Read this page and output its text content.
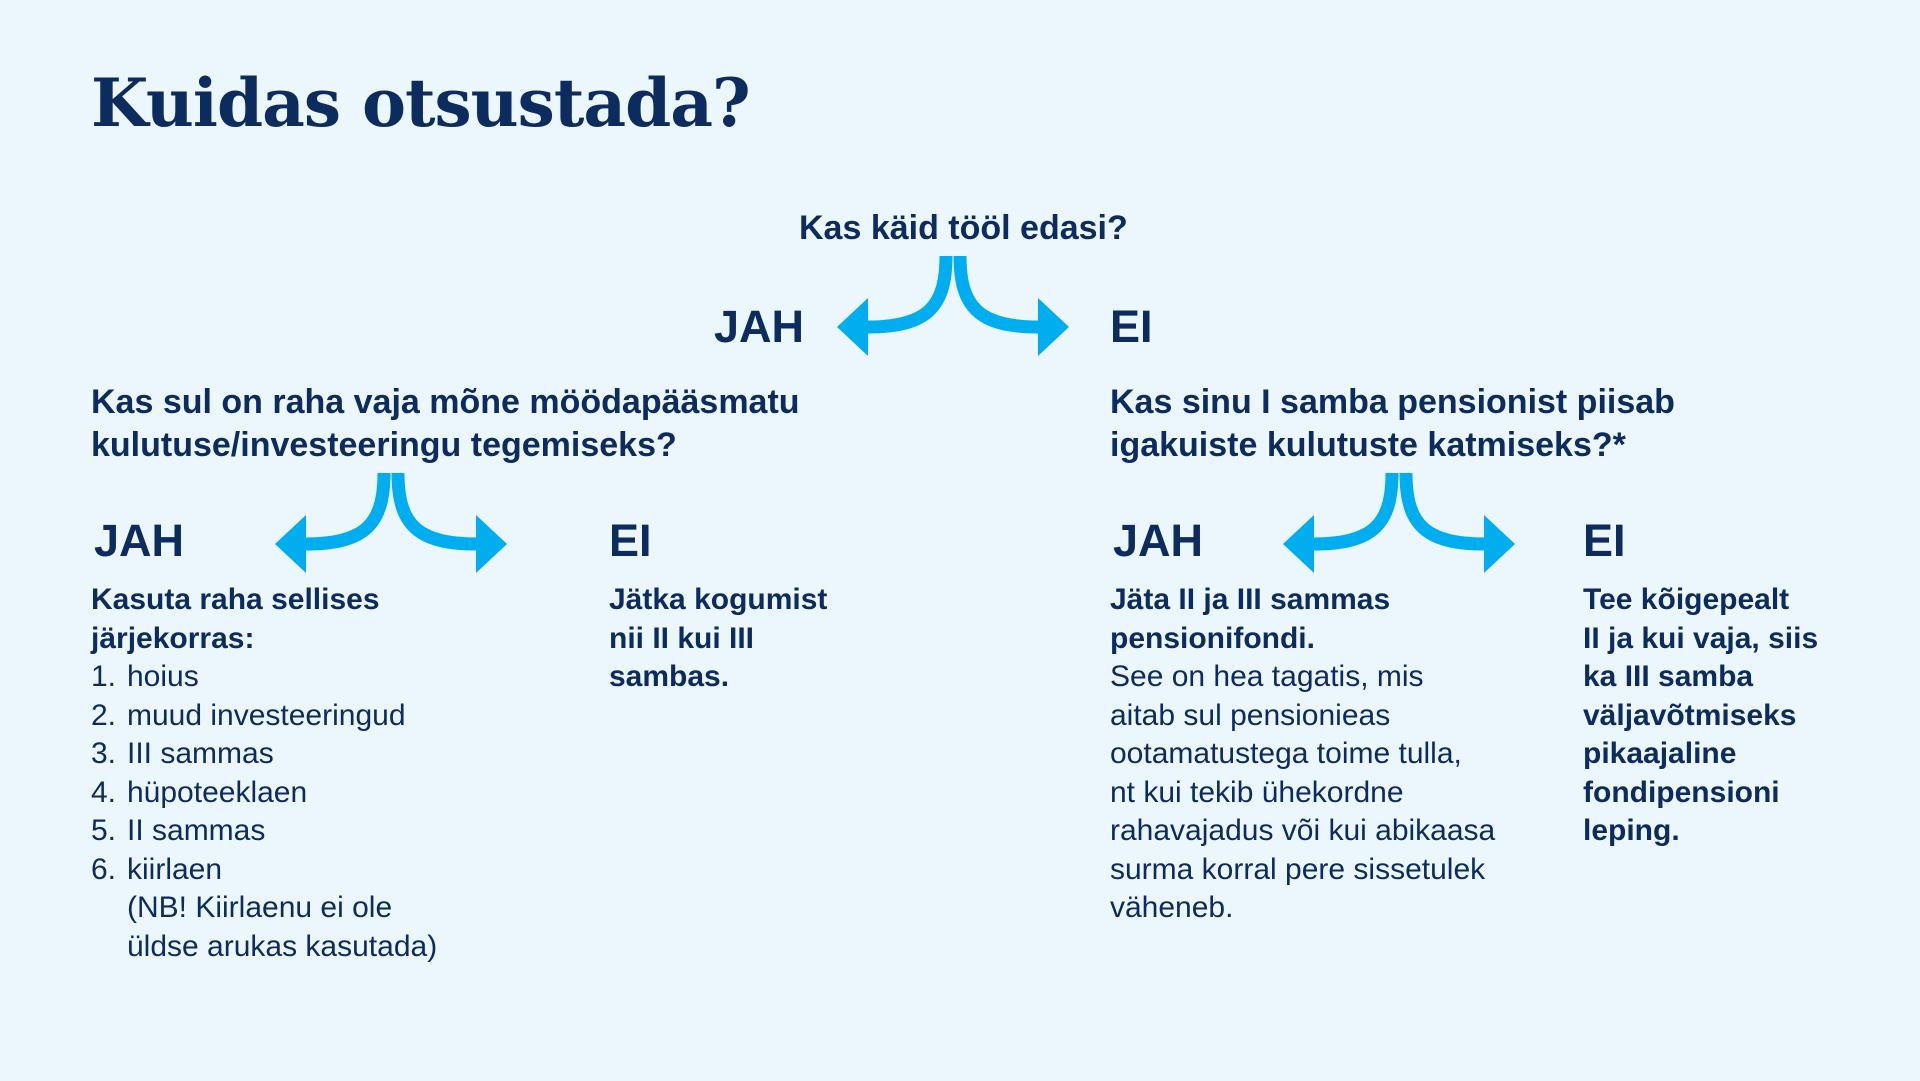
Kuidas otsustada?
Kas käid tööl edasi?
JAH	EI
Kas sul on raha vaja mõne möödapääsmatu
kulutuse/investeeringu tegemiseks?
Kas sinu I samba pensionist piisab
igakuiste kulutuste katmiseks?*
JAH	EI	JAH	EI
Kasuta raha sellises
järjekorras:
1. hoius
2. muud investeeringud
3. III sammas
4. hüpoteeklaen
5. II sammas
6. kiirlaen
(NB! Kiirlaenu ei ole
üldse arukas kasutada)
Jätka kogumist
nii II kui III
sambas.
Jäta II ja III sammas
pensionifondi.
See on hea tagatis, mis
aitab sul pensionieas
ootamatustega toime tulla,
nt kui tekib ühekordne
rahavajadus või kui abikaasa
surma korral pere sissetulek
väheneb.
Tee kõigepealt
II ja kui vaja, siis
ka III samba
väljavõtmiseks
pikaajaline
fondipensioni
leping.
